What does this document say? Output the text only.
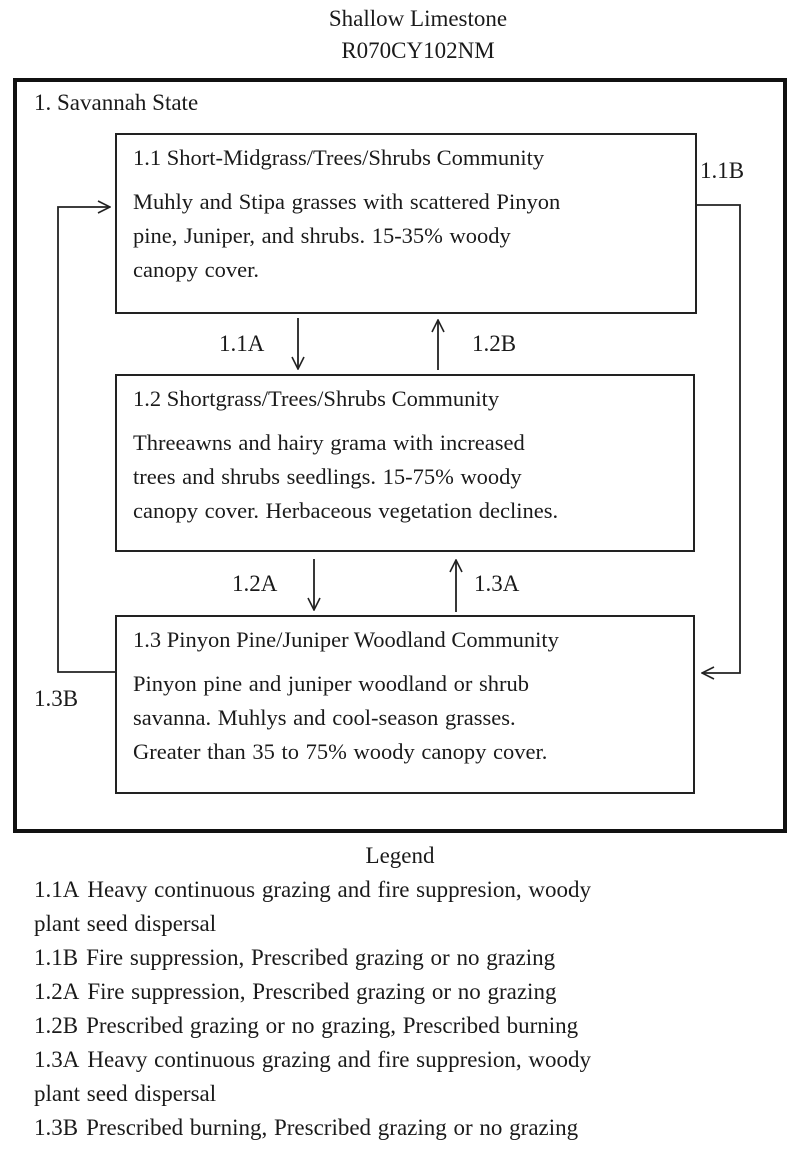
Shallow Limestone
R070CY102NM
1. Savannah State
1.1 Short-Midgrass/Trees/Shrubs Community
Muhly and Stipa grasses with scattered Pinyon
pine, Juniper, and shrubs. 15-35% woody
canopy cover.
1.2 Shortgrass/Trees/Shrubs Community
Threeawns and hairy grama with increased
trees and shrubs seedlings. 15-75% woody
canopy cover. Herbaceous vegetation declines.
1.3 Pinyon Pine/Juniper Woodland Community
Pinyon pine and juniper woodland or shrub
savanna. Muhlys and cool-season grasses.
Greater than 35 to 75% woody canopy cover.
1.1A	1.2B
1.1B
1.2A	1.3A
1.3B
Legend
1.1A Heavy continuous grazing and fire suppresion, woody
plant seed dispersal
1.1B Fire suppression, Prescribed grazing or no grazing
1.2A Fire suppression, Prescribed grazing or no grazing
1.2B Prescribed grazing or no grazing, Prescribed burning
1.3A Heavy continuous grazing and fire suppresion, woody
plant seed dispersal
1.3B Prescribed burning, Prescribed grazing or no grazing
